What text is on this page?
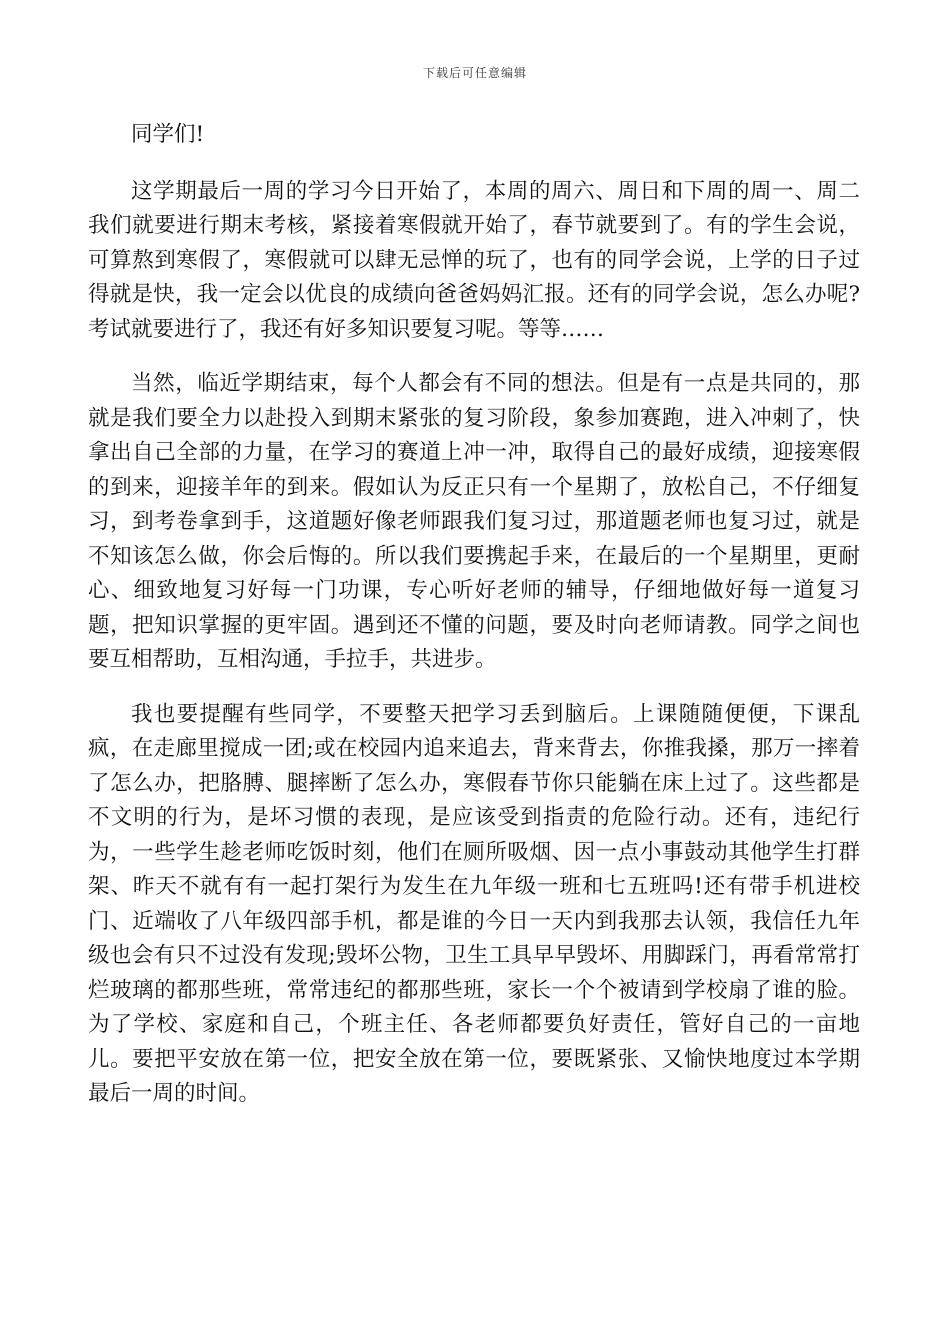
下载后可任意编辑

同学们!

这学期最后一周的学习今日开始了，本周的周六、周日和下周的周一、周二我们就要进行期末考核，紧接着寒假就开始了，春节就要到了。有的学生会说，可算熬到寒假了，寒假就可以肆无忌惮的玩了，也有的同学会说，上学的日子过得就是快，我一定会以优良的成绩向爸爸妈妈汇报。还有的同学会说，怎么办呢?考试就要进行了，我还有好多知识要复习呢。等等……

当然，临近学期结束，每个人都会有不同的想法。但是有一点是共同的，那就是我们要全力以赴投入到期末紧张的复习阶段，象参加赛跑，进入冲刺了，快拿出自己全部的力量，在学习的赛道上冲一冲，取得自己的最好成绩，迎接寒假的到来，迎接羊年的到来。假如认为反正只有一个星期了，放松自己，不仔细复习，到考卷拿到手，这道题好像老师跟我们复习过，那道题老师也复习过，就是不知该怎么做，你会后悔的。所以我们要携起手来，在最后的一个星期里，更耐心、细致地复习好每一门功课，专心听好老师的辅导，仔细地做好每一道复习题，把知识掌握的更牢固。遇到还不懂的问题，要及时向老师请教。同学之间也要互相帮助，互相沟通，手拉手，共进步。

我也要提醒有些同学，不要整天把学习丢到脑后。上课随随便便，下课乱疯，在走廊里搅成一团;或在校园内追来追去，背来背去，你推我搡，那万一摔着了怎么办，把胳膊、腿摔断了怎么办，寒假春节你只能躺在床上过了。这些都是不文明的行为，是坏习惯的表现，是应该受到指责的危险行动。还有，违纪行为，一些学生趁老师吃饭时刻，他们在厕所吸烟、因一点小事鼓动其他学生打群架、昨天不就有有一起打架行为发生在九年级一班和七五班吗!还有带手机进校门、近端收了八年级四部手机，都是谁的今日一天内到我那去认领，我信任九年级也会有只不过没有发现;毁坏公物，卫生工具早早毁坏、用脚踩门，再看常常打烂玻璃的都那些班，常常违纪的都那些班，家长一个个被请到学校扇了谁的脸。为了学校、家庭和自己，个班主任、各老师都要负好责任，管好自己的一亩地儿。要把平安放在第一位，把安全放在第一位，要既紧张、又愉快地度过本学期最后一周的时间。
